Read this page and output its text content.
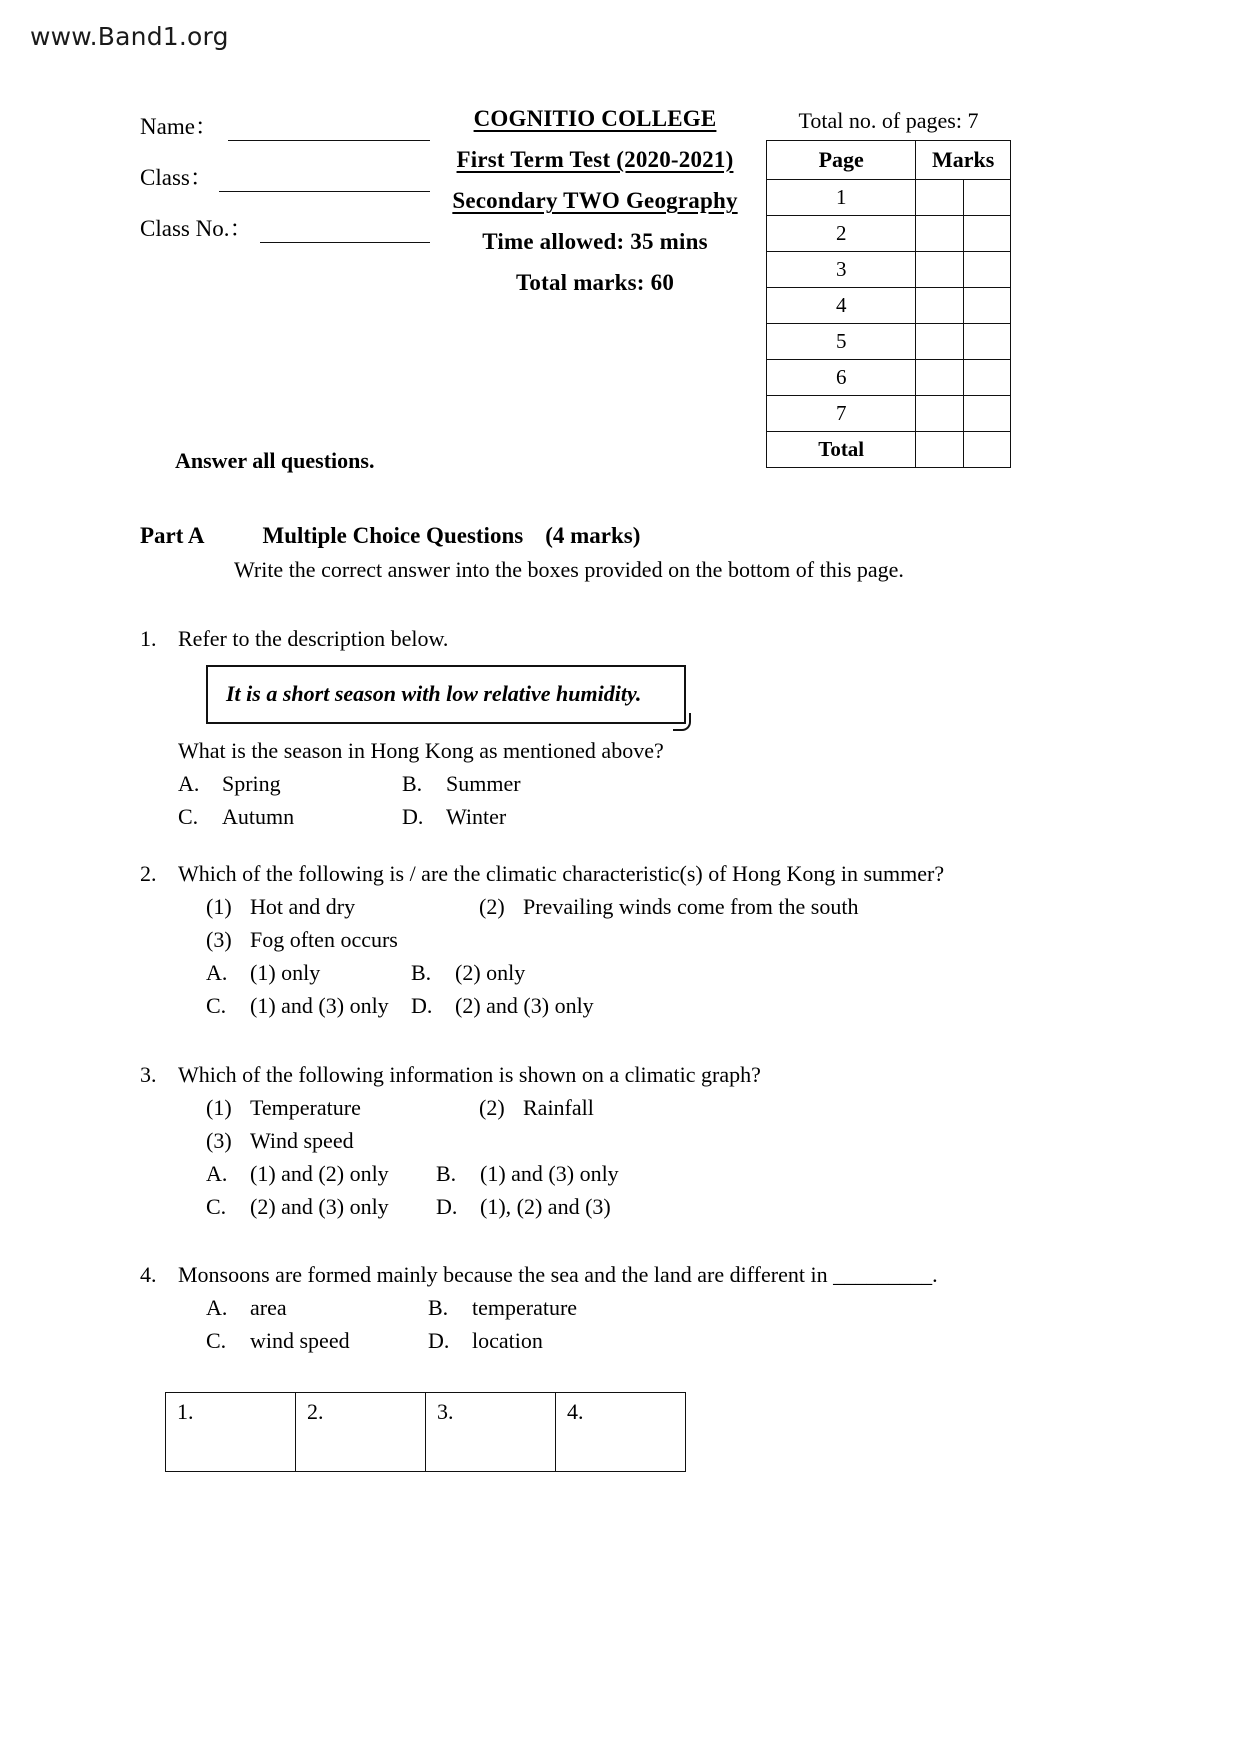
www.Band1.org
Name：
Class：
Class No.：
COGNITIO COLLEGE
First Term Test (2020-2021)
Secondary TWO Geography
Time allowed: 35 mins
Total marks: 60
Total no. of pages: 7
Page	Marks	
1		
2		
3		
4		
5		
6		
7		
Total		
Answer all questions.
Part A	Multiple Choice Questions (4 marks)
Write the correct answer into the boxes provided on the bottom of this page.
1. Refer to the description below.
It is a short season with low relative humidity.
What is the season in Hong Kong as mentioned above?
A.	Spring	B.	Summer
C.	Autumn	D.	Winter
2. Which of the following is / are the climatic characteristic(s) of Hong Kong in summer?
(1) Hot and dry	(2) Prevailing winds come from the south
(3) Fog often occurs
A.	(1) only	B.	(2) only
C.	(1) and (3) only D.	(2) and (3) only
3. Which of the following information is shown on a climatic graph?
(1) Temperature	(2) Rainfall
(3) Wind speed
A.	(1) and (2) only B.	(1) and (3) only
C.	(2) and (3) only D.	(1), (2) and (3)
4. Monsoons are formed mainly because the sea and the land are different in _________.
A.	area	B.	temperature
C.	wind speed	D.	location
1.	2.	3.	4.
